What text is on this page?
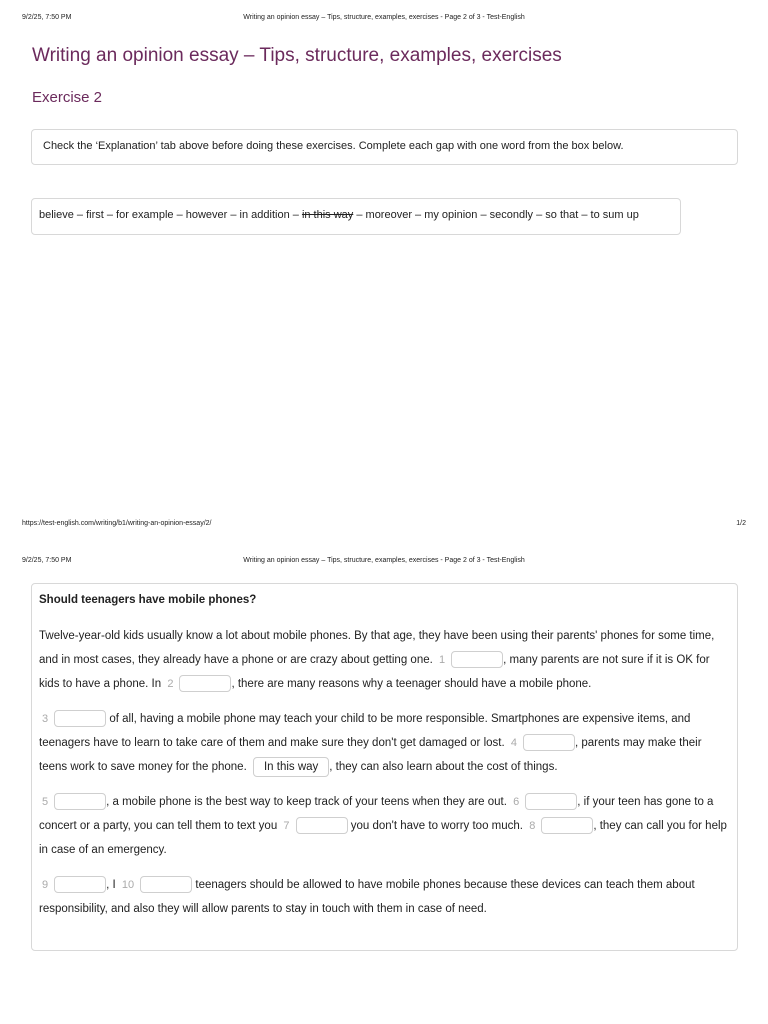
9/2/25, 7:50 PM	Writing an opinion essay – Tips, structure, examples, exercises - Page 2 of 3 - Test-English
Writing an opinion essay – Tips, structure, examples, exercises
Exercise 2
Check the ‘Explanation’ tab above before doing these exercises. Complete each gap with one word from the box below.
believe – first – for example – however – in addition – in this way – moreover – my opinion – secondly – so that – to sum up
https://test-english.com/writing/b1/writing-an-opinion-essay/2/	1/2
9/2/25, 7:50 PM	Writing an opinion essay – Tips, structure, examples, exercises - Page 2 of 3 - Test-English

Should teenagers have mobile phones?

Twelve-year-old kids usually know a lot about mobile phones. By that age, they have been using their parents' phones for some time, and in most cases, they already have a phone or are crazy about getting one. 1	, many parents are not sure if it is OK for kids to have a phone. In 2	, there are many reasons why a teenager should have a mobile phone.

3	of all, having a mobile phone may teach your child to be more responsible. Smartphones are expensive items, and teenagers have to learn to take care of them and make sure they don't get damaged or lost. 4	, parents may make their teens work to save money for the phone. In this way , they can also learn about the cost of things.

5	, a mobile phone is the best way to keep track of your teens when they are out. 6	, if your teen has gone to a concert or a party, you can tell them to text you 7	you don't have to worry too much. 8	, they can call you for help in case of an emergency.

9	, I 10	teenagers should be allowed to have mobile phones because these devices can teach them about responsibility, and also they will allow parents to stay in touch with them in case of need.
